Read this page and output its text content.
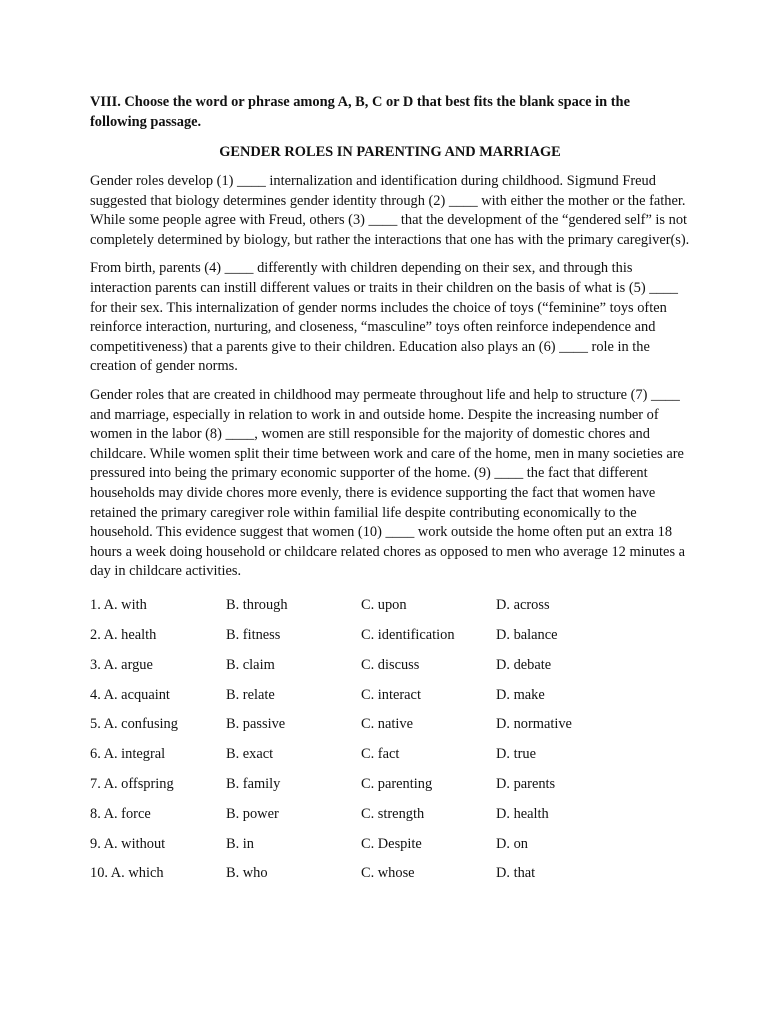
VIII. Choose the word or phrase among A, B, C or D that best fits the blank space in the following passage.

GENDER ROLES IN PARENTING AND MARRIAGE

Gender roles develop (1) ____ internalization and identification during childhood. Sigmund Freud suggested that biology determines gender identity through (2) ____ with either the mother or the father. While some people agree with Freud, others (3) ____ that the development of the “gendered self” is not completely determined by biology, but rather the interactions that one has with the primary caregiver(s).

From birth, parents (4) ____ differently with children depending on their sex, and through this interaction parents can instill different values or traits in their children on the basis of what is (5) ____ for their sex. This internalization of gender norms includes the choice of toys (“feminine” toys often reinforce interaction, nurturing, and closeness, “masculine” toys often reinforce independence and competitiveness) that a parents give to their children. Education also plays an (6) ____ role in the creation of gender norms.

Gender roles that are created in childhood may permeate throughout life and help to structure (7) ____ and marriage, especially in relation to work in and outside home. Despite the increasing number of women in the labor (8) ____, women are still responsible for the majority of domestic chores and childcare. While women split their time between work and care of the home, men in many societies are pressured into being the primary economic supporter of the home. (9) ____ the fact that different households may divide chores more evenly, there is evidence supporting the fact that women have retained the primary caregiver role within familial life despite contributing economically to the household. This evidence suggest that women (10) ____ work outside the home often put an extra 18 hours a week doing household or childcare related chores as opposed to men who average 12 minutes a day in childcare activities.

1. A. with	B. through	C. upon	D. across
2. A. health	B. fitness	C. identification	D. balance
3. A. argue	B. claim	C. discuss	D. debate
4. A. acquaint	B. relate	C. interact	D. make
5. A. confusing	B. passive	C. native	D. normative
6. A. integral	B. exact	C. fact	D. true
7. A. offspring	B. family	C. parenting	D. parents
8. A. force	B. power	C. strength	D. health
9. A. without	B. in	C. Despite	D. on
10. A. which	B. who	C. whose	D. that
